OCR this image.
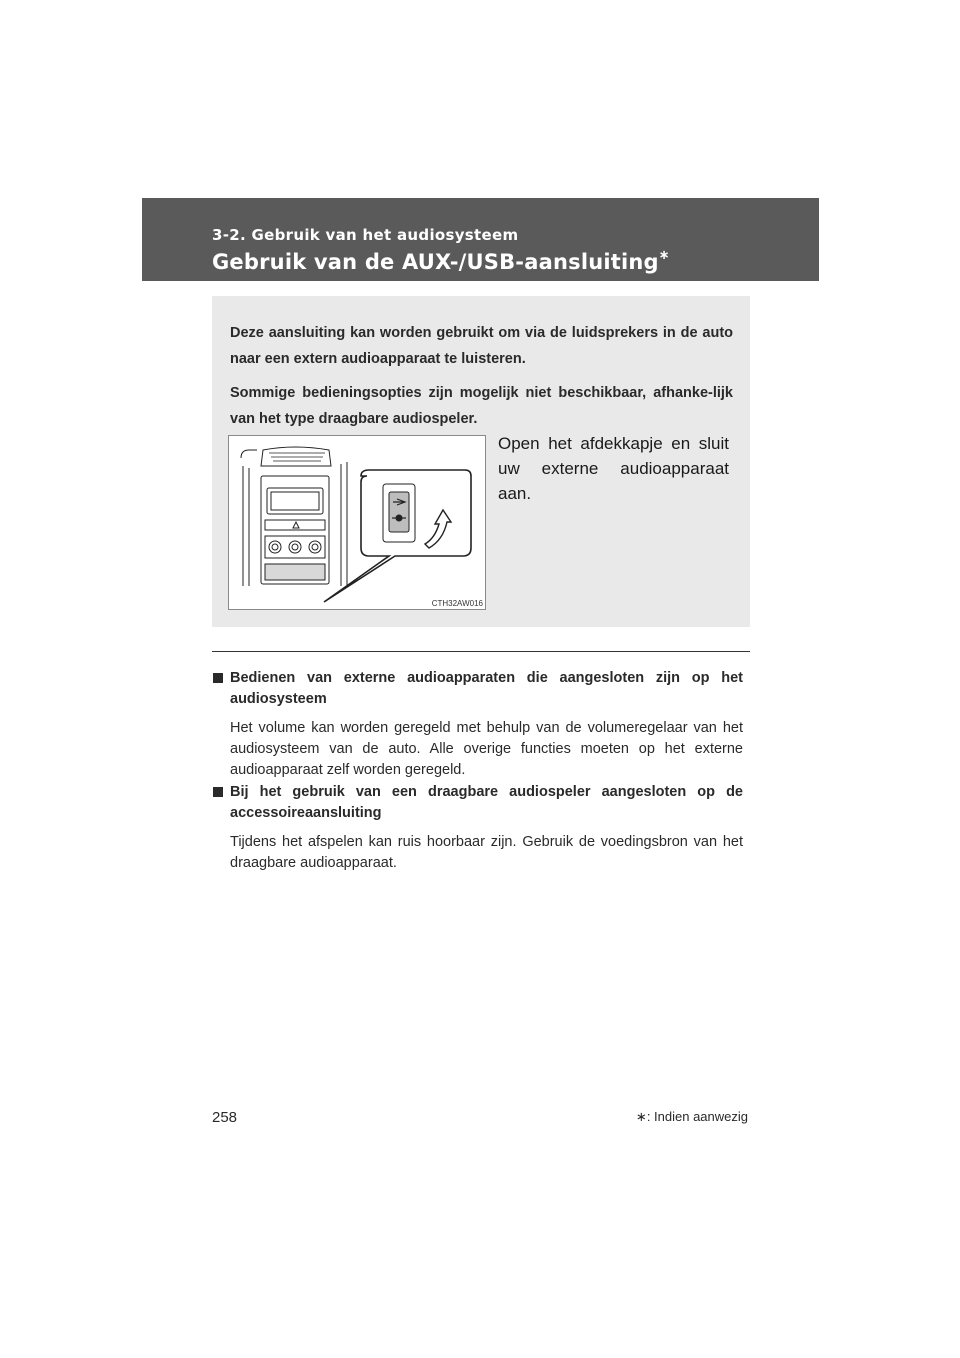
3-2. Gebruik van het audiosysteem
Gebruik van de AUX-/USB-aansluiting∗

Deze aansluiting kan worden gebruikt om via de luidsprekers in de auto naar een extern audioapparaat te luisteren.

Sommige bedieningsopties zijn mogelijk niet beschikbaar, afhanke-lijk van het type draagbare audiospeler.

CTH32AW016

Open het afdekkapje en sluit uw externe audioapparaat aan.

Bedienen van externe audioapparaten die aangesloten zijn op het audiosysteem

Het volume kan worden geregeld met behulp van de volumeregelaar van het audiosysteem van de auto. Alle overige functies moeten op het externe audioapparaat zelf worden geregeld.

Bij het gebruik van een draagbare audiospeler aangesloten op de accessoireaansluiting

Tijdens het afspelen kan ruis hoorbaar zijn. Gebruik de voedingsbron van het draagbare audioapparaat.

∗: Indien aanwezig
258
